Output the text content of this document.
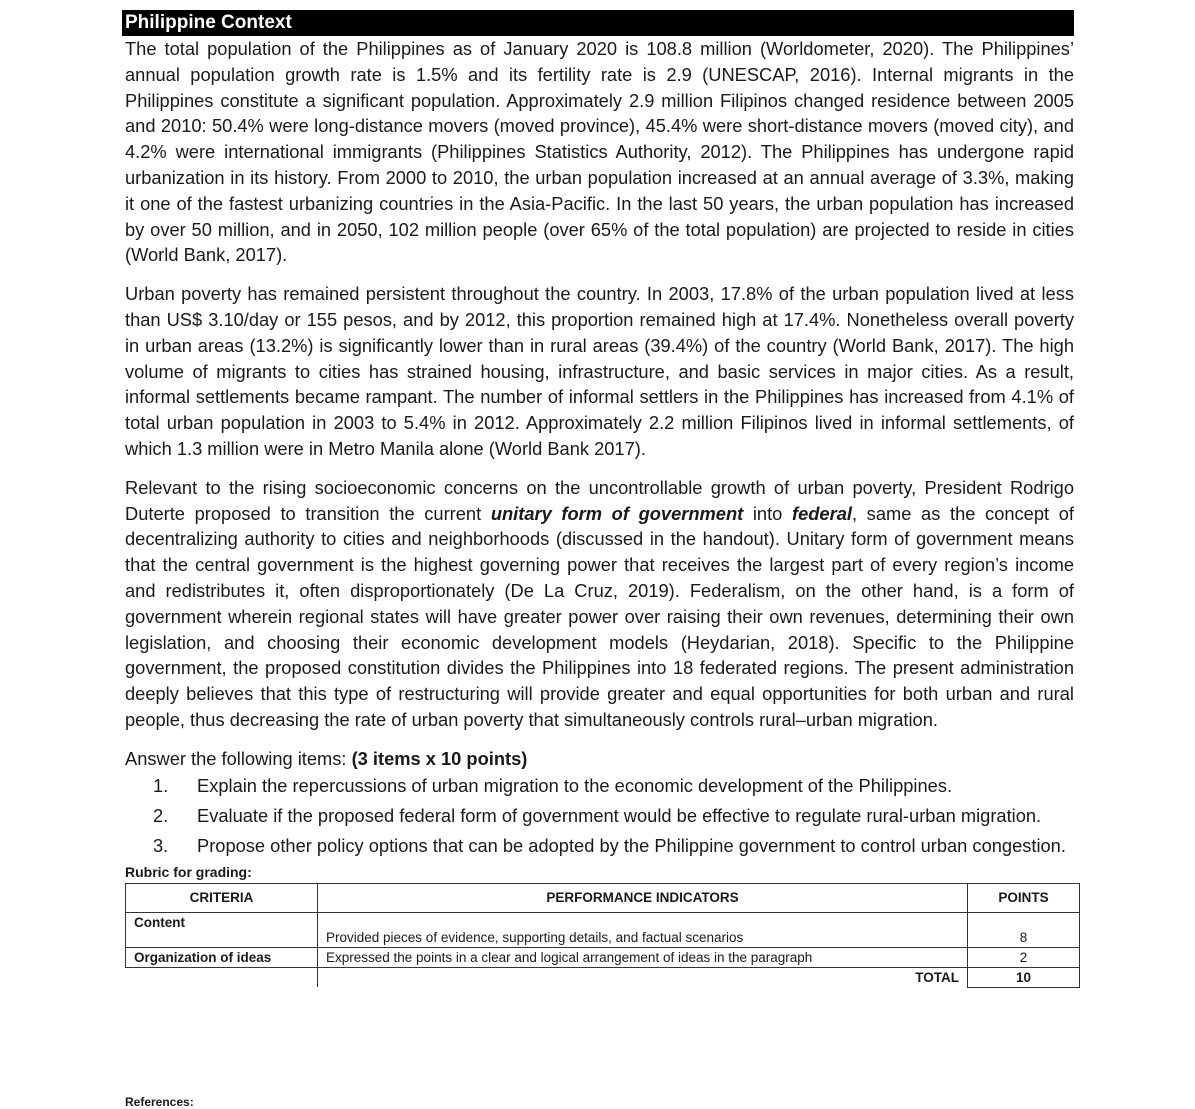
Philippine Context

The total population of the Philippines as of January 2020 is 108.8 million (Worldometer, 2020). The Philippines’ annual population growth rate is 1.5% and its fertility rate is 2.9 (UNESCAP, 2016). Internal migrants in the Philippines constitute a significant population. Approximately 2.9 million Filipinos changed residence between 2005 and 2010: 50.4% were long-distance movers (moved province), 45.4% were short-distance movers (moved city), and 4.2% were international immigrants (Philippines Statistics Authority, 2012). The Philippines has undergone rapid urbanization in its history. From 2000 to 2010, the urban population increased at an annual average of 3.3%, making it one of the fastest urbanizing countries in the Asia-Pacific. In the last 50 years, the urban population has increased by over 50 million, and in 2050, 102 million people (over 65% of the total population) are projected to reside in cities (World Bank, 2017).

Urban poverty has remained persistent throughout the country. In 2003, 17.8% of the urban population lived at less than US$ 3.10/day or 155 pesos, and by 2012, this proportion remained high at 17.4%. Nonetheless overall poverty in urban areas (13.2%) is significantly lower than in rural areas (39.4%) of the country (World Bank, 2017). The high volume of migrants to cities has strained housing, infrastructure, and basic services in major cities. As a result, informal settlements became rampant. The number of informal settlers in the Philippines has increased from 4.1% of total urban population in 2003 to 5.4% in 2012. Approximately 2.2 million Filipinos lived in informal settlements, of which 1.3 million were in Metro Manila alone (World Bank 2017).

Relevant to the rising socioeconomic concerns on the uncontrollable growth of urban poverty, President Rodrigo Duterte proposed to transition the current unitary form of government into federal, same as the concept of decentralizing authority to cities and neighborhoods (discussed in the handout). Unitary form of government means that the central government is the highest governing power that receives the largest part of every region’s income and redistributes it, often disproportionately (De La Cruz, 2019). Federalism, on the other hand, is a form of government wherein regional states will have greater power over raising their own revenues, determining their own legislation, and choosing their economic development models (Heydarian, 2018). Specific to the Philippine government, the proposed constitution divides the Philippines into 18 federated regions. The present administration deeply believes that this type of restructuring will provide greater and equal opportunities for both urban and rural people, thus decreasing the rate of urban poverty that simultaneously controls rural–urban migration.

Answer the following items: (3 items x 10 points)

1.	Explain the repercussions of urban migration to the economic development of the Philippines.
2.	Evaluate if the proposed federal form of government would be effective to regulate rural-urban migration.
3.	Propose other policy options that can be adopted by the Philippine government to control urban congestion.
Rubric for grading:
CRITERIA	PERFORMANCE INDICATORS	POINTS
Content	Provided pieces of evidence, supporting details, and factual scenarios	8
Organization of ideas	Expressed the points in a clear and logical arrangement of ideas in the paragraph	2
	TOTAL	10
References:
